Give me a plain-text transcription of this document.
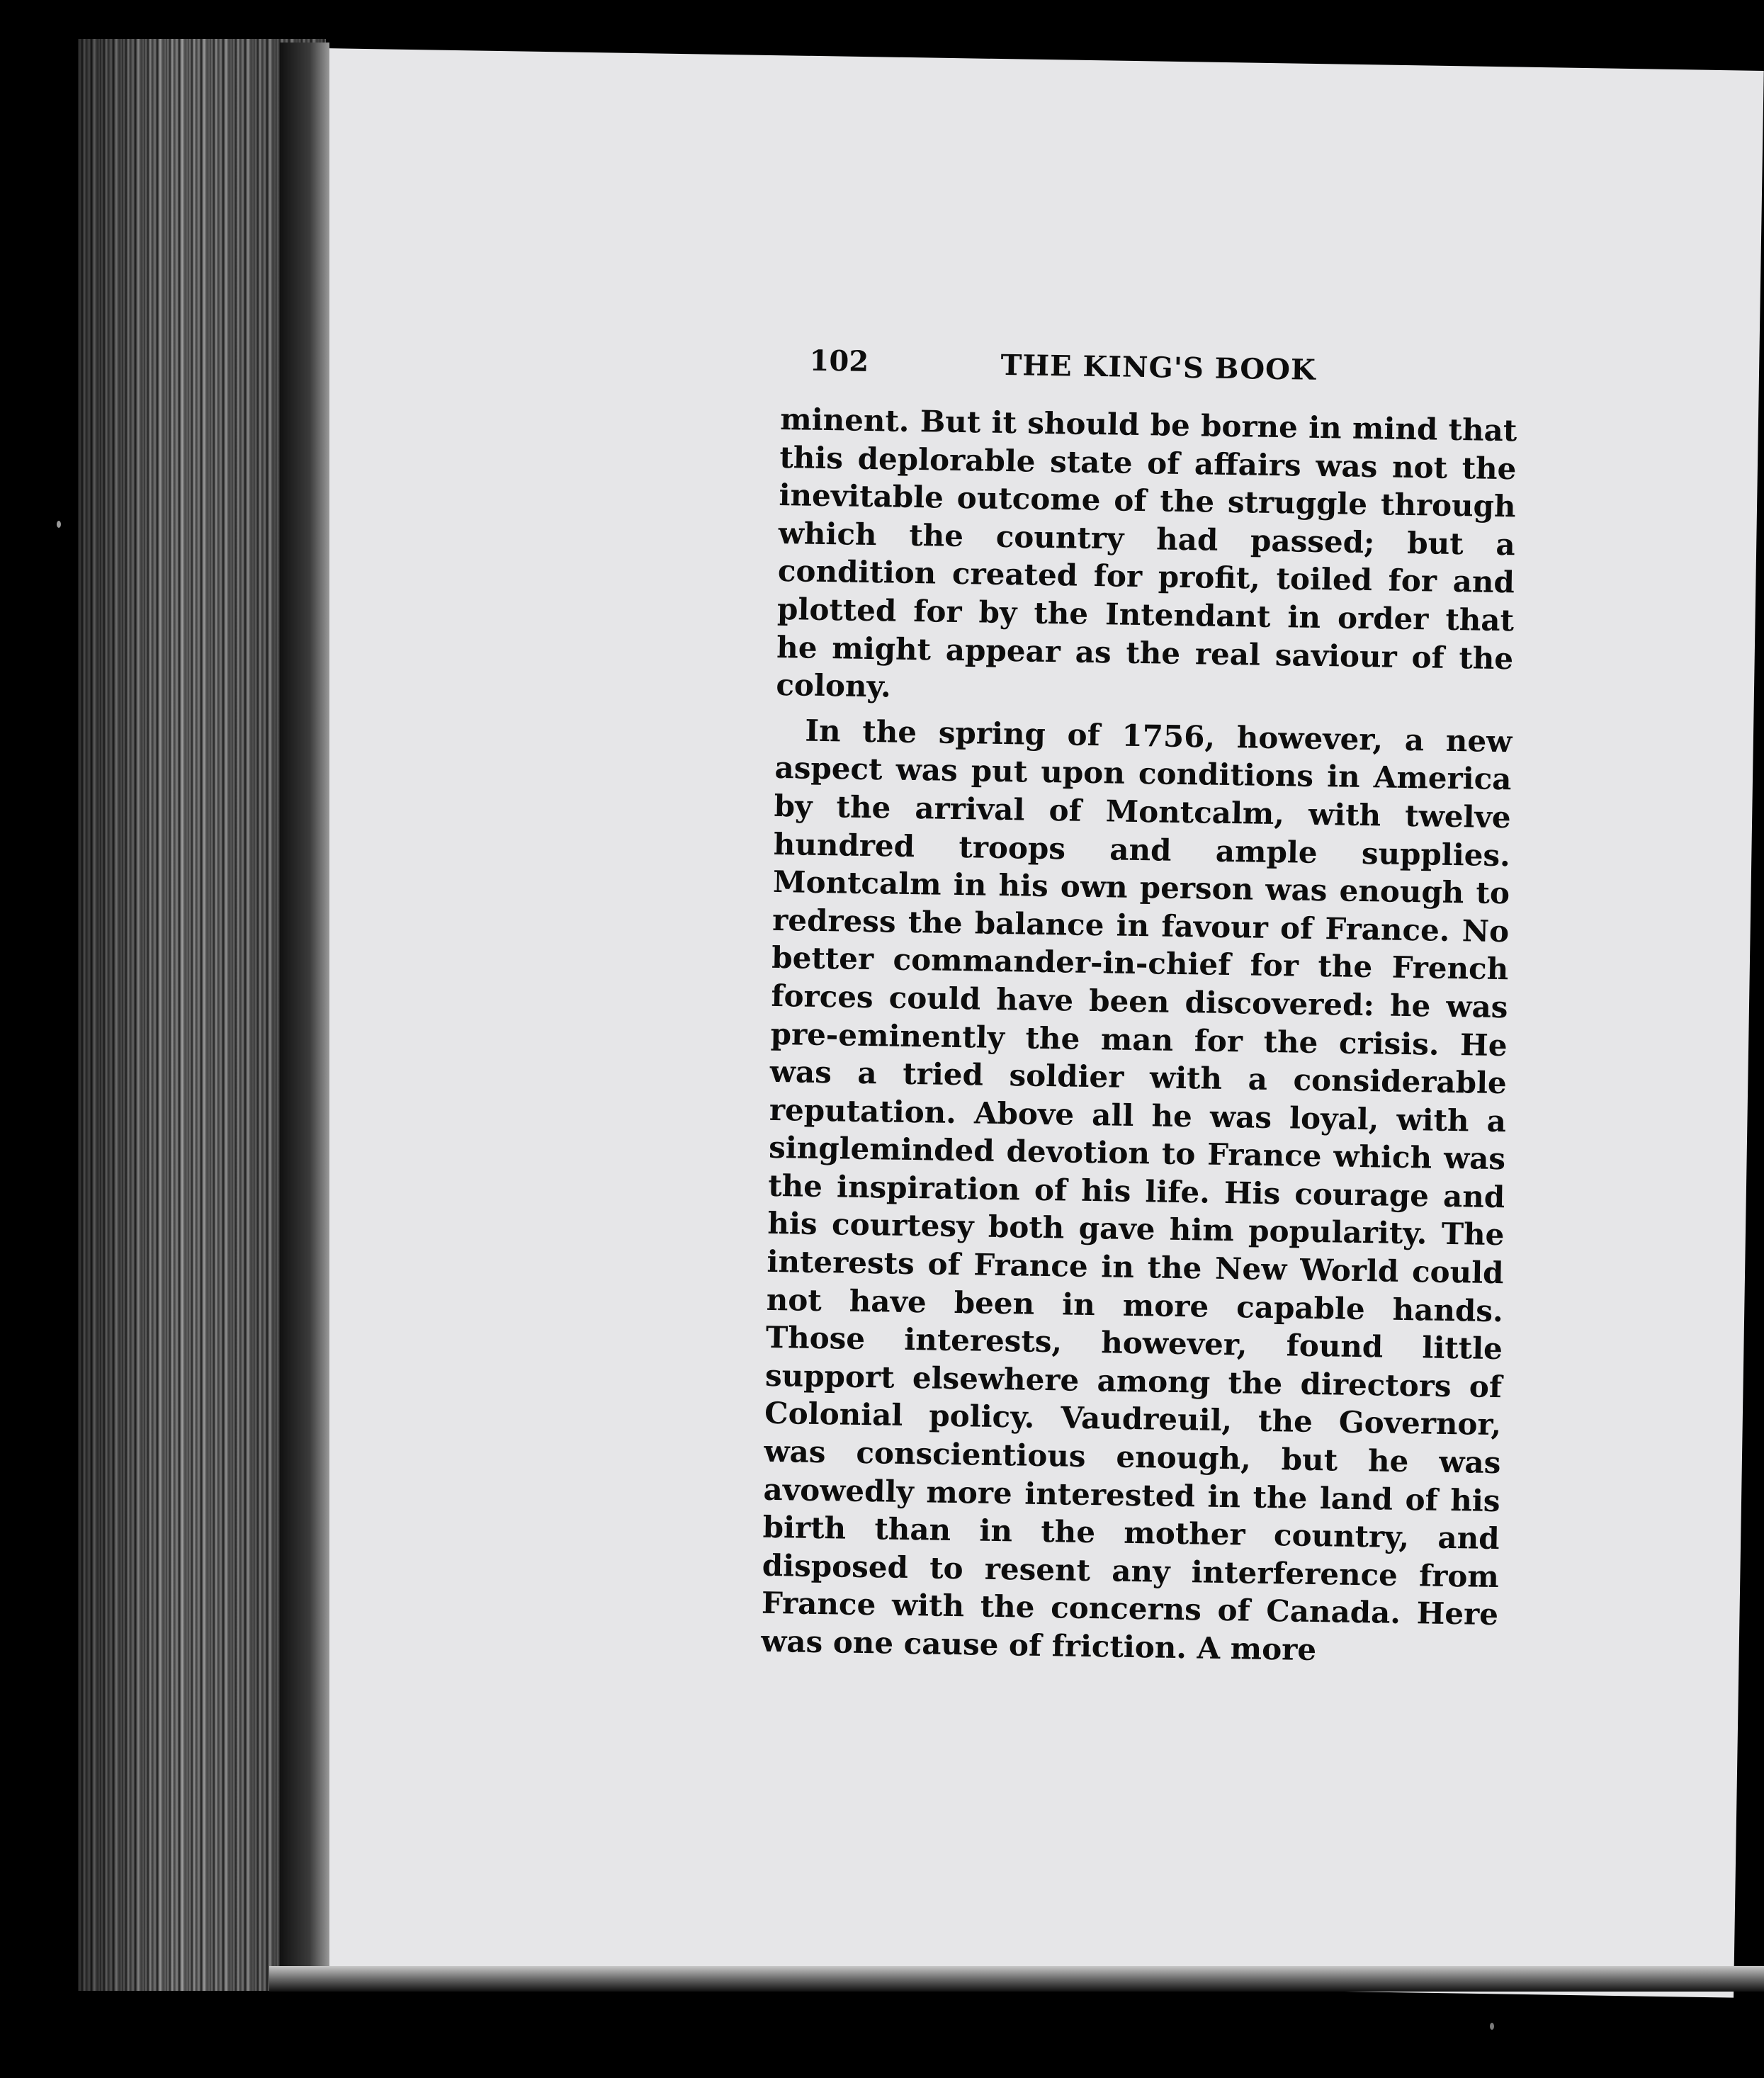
102	THE KING'S BOOK

minent. But it should be borne in mind that this deplorable state of affairs was not the inevitable outcome of the struggle through which the country had passed; but a condition created for profit, toiled for and plotted for by the Intendant in order that he might appear as the real saviour of the colony.

In the spring of 1756, however, a new aspect was put upon conditions in America by the arrival of Montcalm, with twelve hundred troops and ample supplies. Montcalm in his own person was enough to redress the balance in favour of France. No better commander-in-chief for the French forces could have been discovered: he was pre-eminently the man for the crisis. He was a tried soldier with a considerable reputation. Above all he was loyal, with a singleminded devotion to France which was the inspiration of his life. His courage and his courtesy both gave him popularity. The interests of France in the New World could not have been in more capable hands. Those interests, however, found little support elsewhere among the directors of Colonial policy. Vaudreuil, the Governor, was conscientious enough, but he was avowedly more interested in the land of his birth than in the mother country, and disposed to resent any interference from France with the concerns of Canada. Here was one cause of friction. A more
